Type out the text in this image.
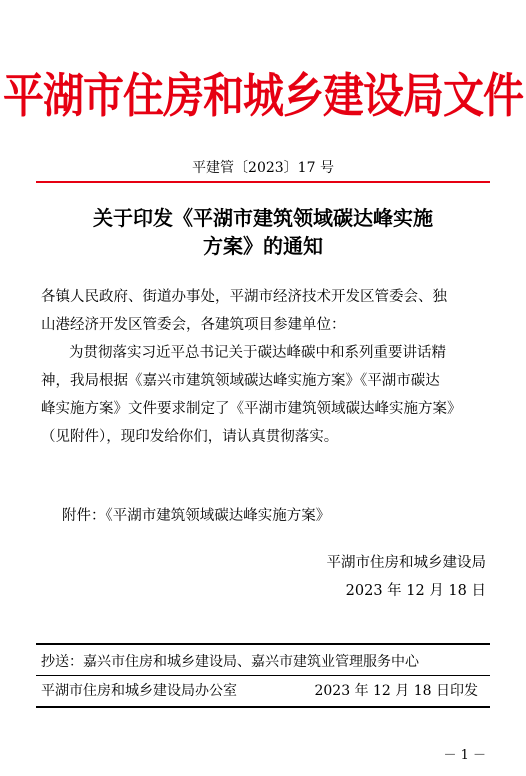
平湖市住房和城乡建设局文件
平建管〔2023〕17 号
关于印发《平湖市建筑领域碳达峰实施
方案》的通知
各镇人民政府、街道办事处，平湖市经济技术开发区管委会、独
山港经济开发区管委会，各建筑项目参建单位：
为贯彻落实习近平总书记关于碳达峰碳中和系列重要讲话精
神，我局根据《嘉兴市建筑领域碳达峰实施方案》《平湖市碳达
峰实施方案》文件要求制定了《平湖市建筑领域碳达峰实施方案》
（见附件），现印发给你们，请认真贯彻落实。
附件：《平湖市建筑领域碳达峰实施方案》
平湖市住房和城乡建设局
2023 年 12 月 18 日
抄送：嘉兴市住房和城乡建设局、嘉兴市建筑业管理服务中心
平湖市住房和城乡建设局办公室	2023 年 12 月 18 日印发
－ 1 －
